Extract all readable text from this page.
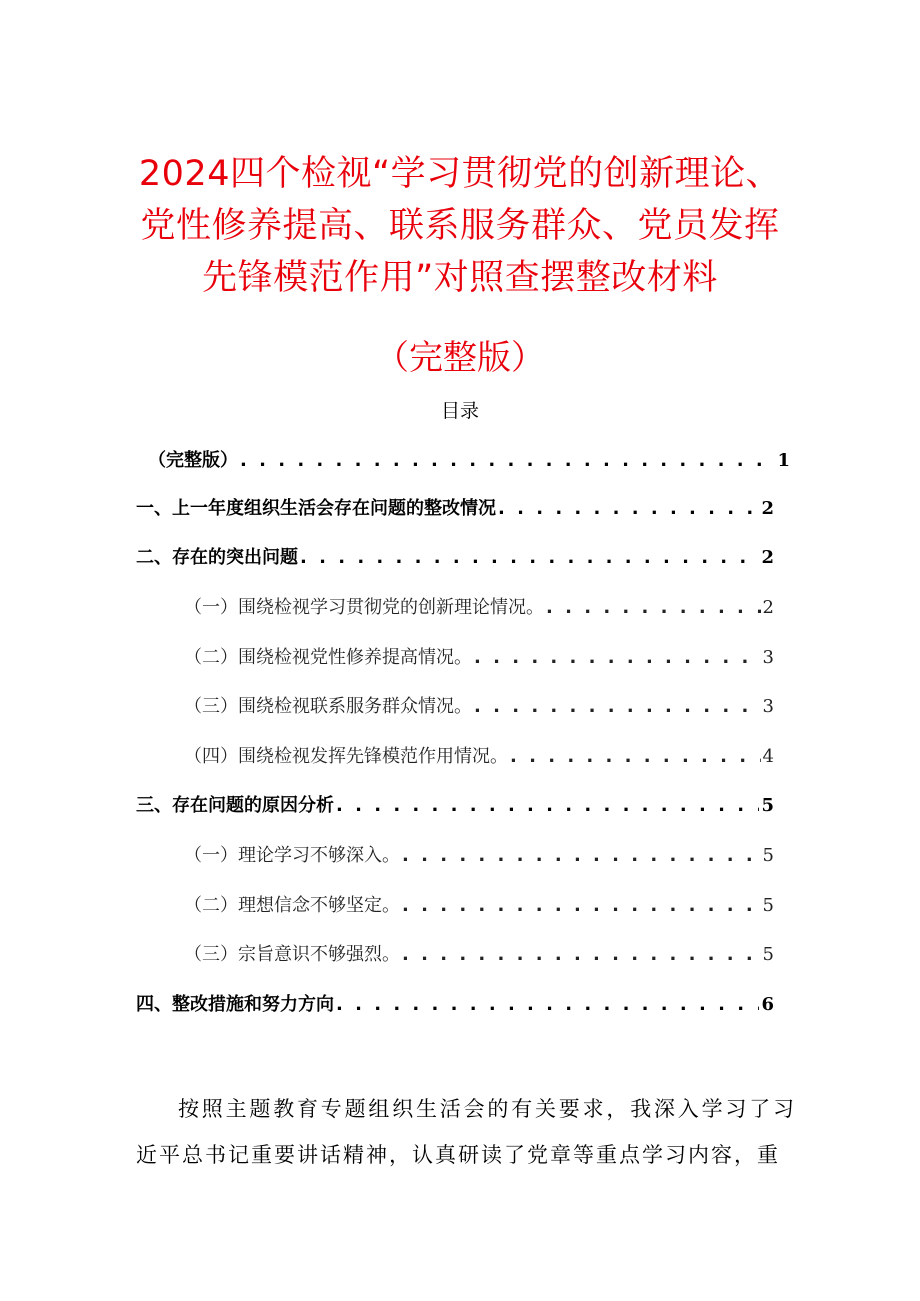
2024四个检视“学习贯彻党的创新理论、
党性修养提高、联系服务群众、党员发挥
先锋模范作用”对照查摆整改材料
（完整版）
目录
（完整版） . . .	1
一、上一年度组织生活会存在问题的整改情况 . . .	2
二、存在的突出问题 . . .	2
（一）围绕检视学习贯彻党的创新理论情况。 . . .	2
（二）围绕检视党性修养提高情况。 . . .	3
（三）围绕检视联系服务群众情况。 . . .	3
（四）围绕检视发挥先锋模范作用情况。 . . .	4
三、存在问题的原因分析 . . .	5
（一）理论学习不够深入。 . . .	5
（二）理想信念不够坚定。 . . .	5
（三）宗旨意识不够强烈。 . . .	5
四、整改措施和努力方向 . . .	6

按照主题教育专题组织生活会的有关要求，我深入学习了习近平总书记重要讲话精神，认真研读了党章等重点学习内容，重
